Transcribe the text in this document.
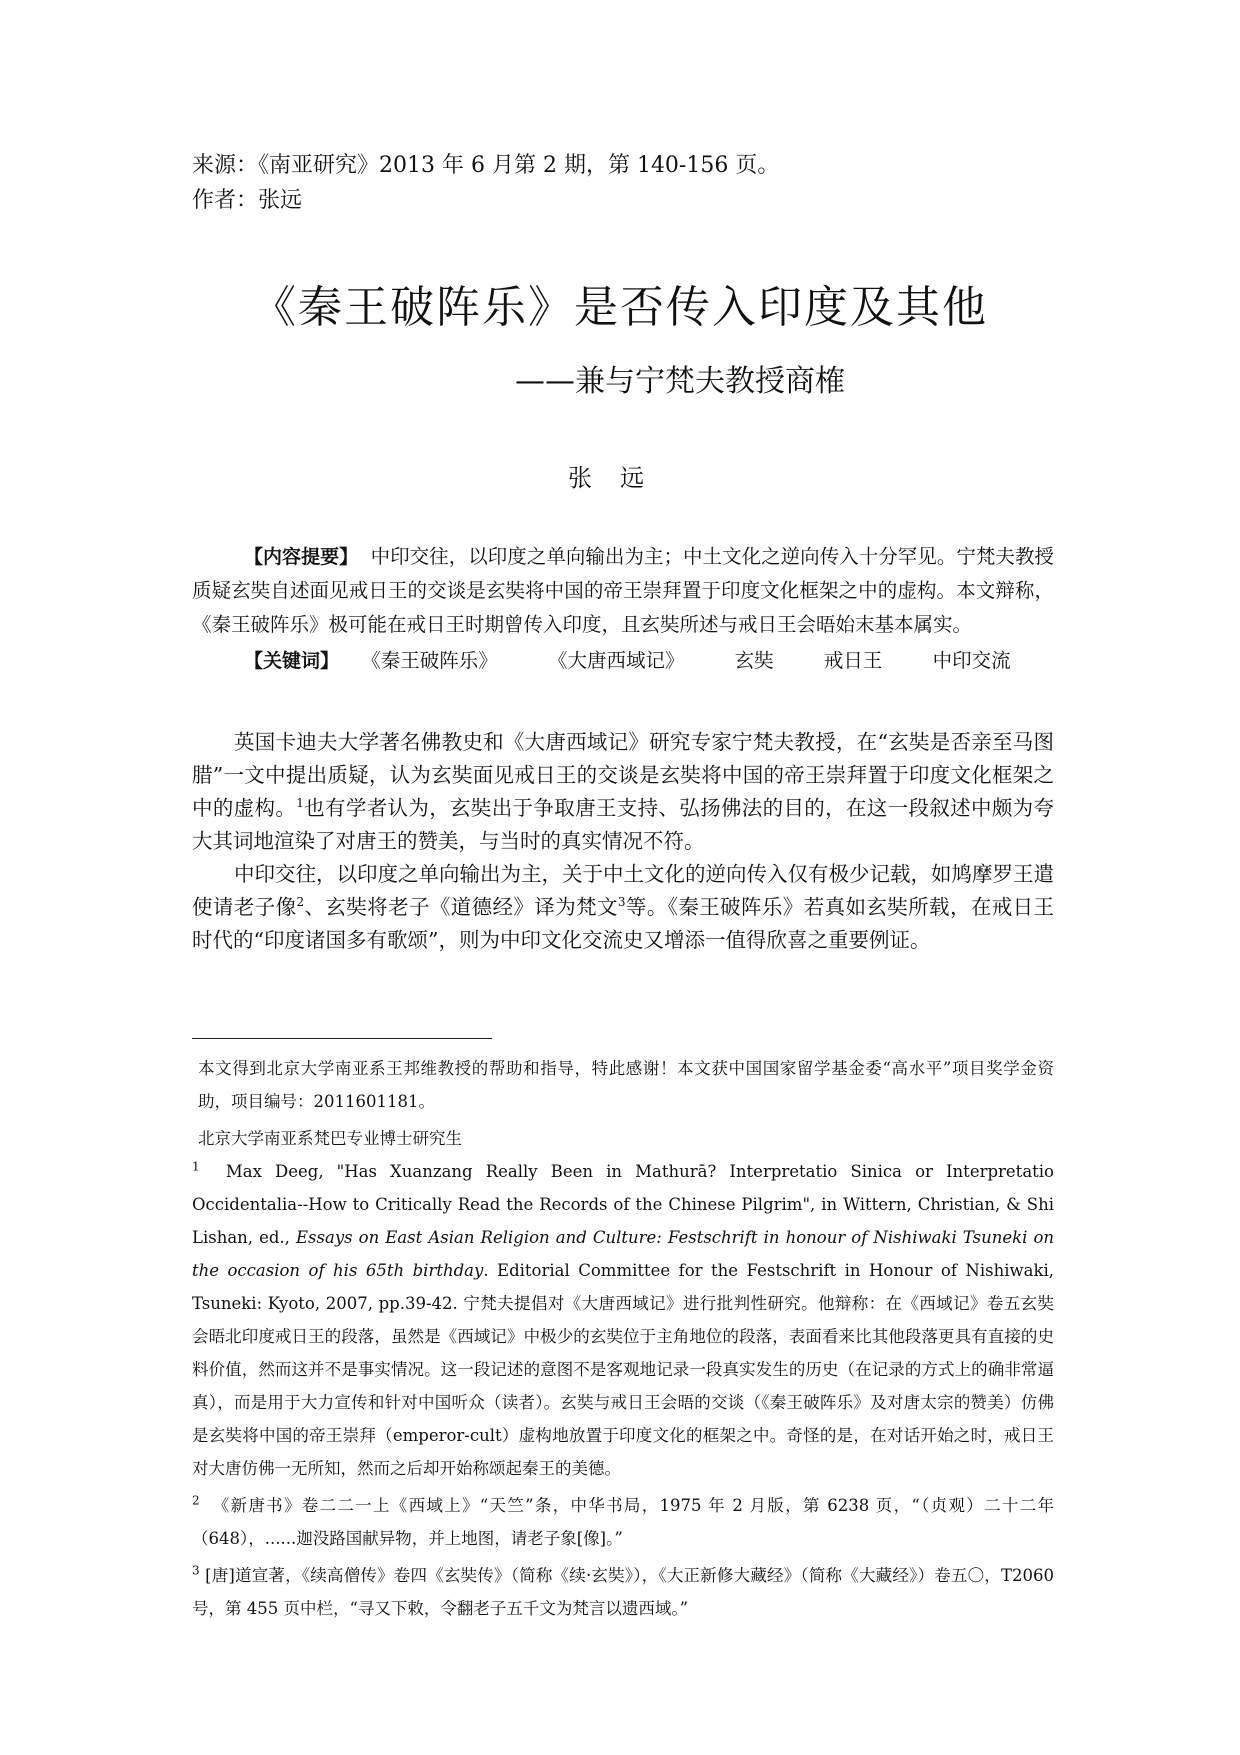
来源：《南亚研究》2013 年 6 月第 2 期，第 140-156 页。
作者：张远
《秦王破阵乐》是否传入印度及其他
——兼与宁梵夫教授商榷
张远

【内容提要】 中印交往，以印度之单向输出为主；中土文化之逆向传入十分罕见。宁梵夫教授质疑玄奘自述面见戒日王的交谈是玄奘将中国的帝王崇拜置于印度文化框架之中的虚构。本文辩称，《秦王破阵乐》极可能在戒日王时期曾传入印度，且玄奘所述与戒日王会晤始末基本属实。

【关键词】 《秦王破阵乐》	《大唐西域记》	玄奘	戒日王	中印交流

英国卡迪夫大学著名佛教史和《大唐西域记》研究专家宁梵夫教授，在“玄奘是否亲至马图腊”一文中提出质疑，认为玄奘面见戒日王的交谈是玄奘将中国的帝王崇拜置于印度文化框架之中的虚构。$^1$也有学者认为，玄奘出于争取唐王支持、弘扬佛法的目的，在这一段叙述中颇为夸大其词地渲染了对唐王的赞美，与当时的真实情况不符。

中印交往，以印度之单向输出为主，关于中土文化的逆向传入仅有极少记载，如鸠摩罗王遣使请老子像$^2$、玄奘将老子《道德经》译为梵文$^3$等。《秦王破阵乐》若真如玄奘所载，在戒日王时代的“印度诸国多有歌颂”，则为中印文化交流史又增添一值得欣喜之重要例证。

本文得到北京大学南亚系王邦维教授的帮助和指导，特此感谢！本文获中国国家留学基金委“高水平”项目奖学金资助，项目编号：2011601181。

北京大学南亚系梵巴专业博士研究生

$^1$ Max Deeg, "Has Xuanzang Really Been in Mathurā? Interpretatio Sinica or Interpretatio Occidentalia--How to Critically Read the Records of the Chinese Pilgrim", in Wittern, Christian, & Shi Lishan, ed., Essays on East Asian Religion and Culture: Festschrift in honour of Nishiwaki Tsuneki on the occasion of his 65th birthday. Editorial Committee for the Festschrift in Honour of Nishiwaki, Tsuneki: Kyoto, 2007, pp.39-42. 宁梵夫提倡对《大唐西域记》进行批判性研究。他辩称：在《西域记》卷五玄奘会晤北印度戒日王的段落，虽然是《西域记》中极少的玄奘位于主角地位的段落，表面看来比其他段落更具有直接的史料价值，然而这并不是事实情况。这一段记述的意图不是客观地记录一段真实发生的历史（在记录的方式上的确非常逼真），而是用于大力宣传和针对中国听众（读者）。玄奘与戒日王会晤的交谈（《秦王破阵乐》及对唐太宗的赞美）仿佛是玄奘将中国的帝王崇拜（emperor-cult）虚构地放置于印度文化的框架之中。奇怪的是，在对话开始之时，戒日王对大唐仿佛一无所知，然而之后却开始称颂起秦王的美德。

$^2$ 《新唐书》卷二二一上《西域上》“天竺”条，中华书局，1975 年 2 月版，第 6238 页，“（贞观）二十二年（648），......迦没路国献异物，并上地图，请老子象[像]。”

$^3$ [唐]道宣著，《续高僧传》卷四《玄奘传》（简称《续·玄奘》），《大正新修大藏经》（简称《大藏经》）卷五〇，T2060 号，第 455 页中栏，“寻又下敕，令翻老子五千文为梵言以遗西域。”
